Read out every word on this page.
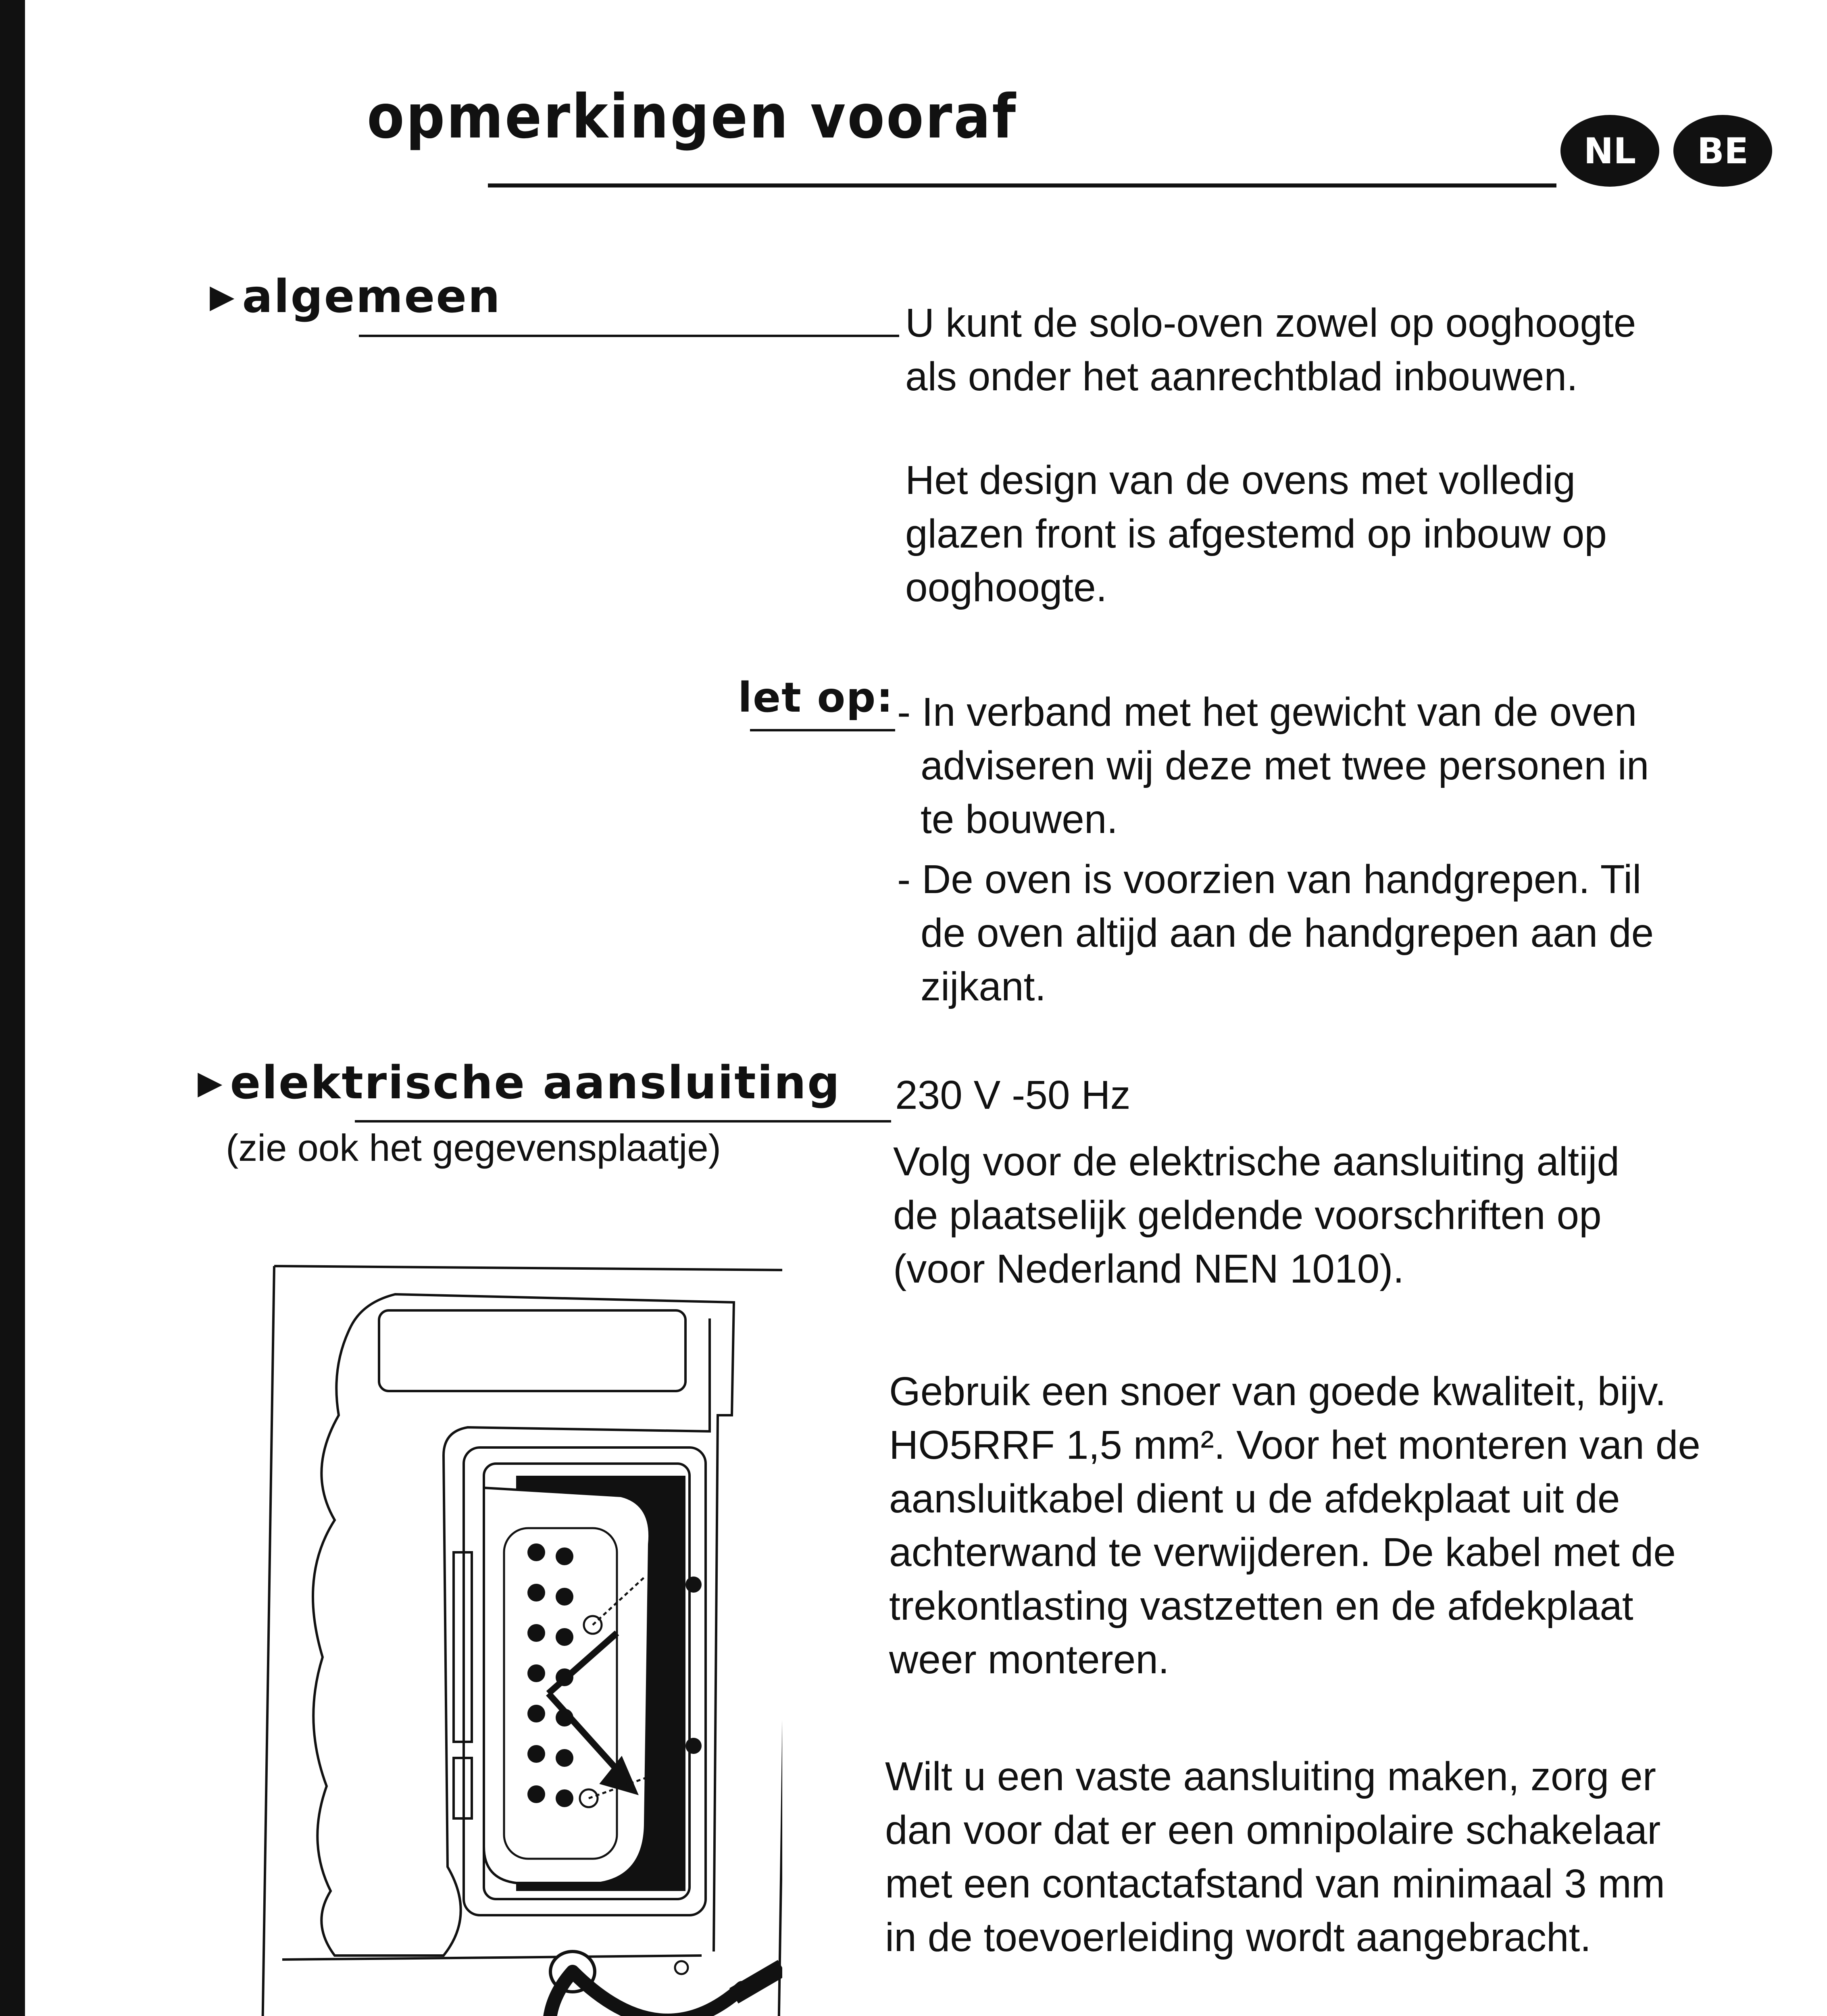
opmerkingen vooraf	NL	BE
▶ algemeen	U kunt de solo-oven zowel op ooghoogte
als onder het aanrechtblad inbouwen.
Het design van de ovens met volledig
glazen front is afgestemd op inbouw op
ooghoogte.
let op: - In verband met het gewicht van de oven
adviseren wij deze met twee personen in
te bouwen.
- De oven is voorzien van handgrepen. Til
de oven altijd aan de handgrepen aan de
zijkant.
▶ elektrische aansluiting
(zie ook het gegevensplaatje)
230 V -50 Hz
Volg voor de elektrische aansluiting altijd
de plaatselijk geldende voorschriften op
(voor Nederland NEN 1010).
Gebruik een snoer van goede kwaliteit, bijv.
HO5RRF 1,5 mm². Voor het monteren van de
aansluitkabel dient u de afdekplaat uit de
achterwand te verwijderen. De kabel met de
trekontlasting vastzetten en de afdekplaat
weer monteren.
Wilt u een vaste aansluiting maken, zorg er
dan voor dat er een omnipolaire schakelaar
met een contactafstand van minimaal 3 mm
in de toevoerleiding wordt aangebracht.
